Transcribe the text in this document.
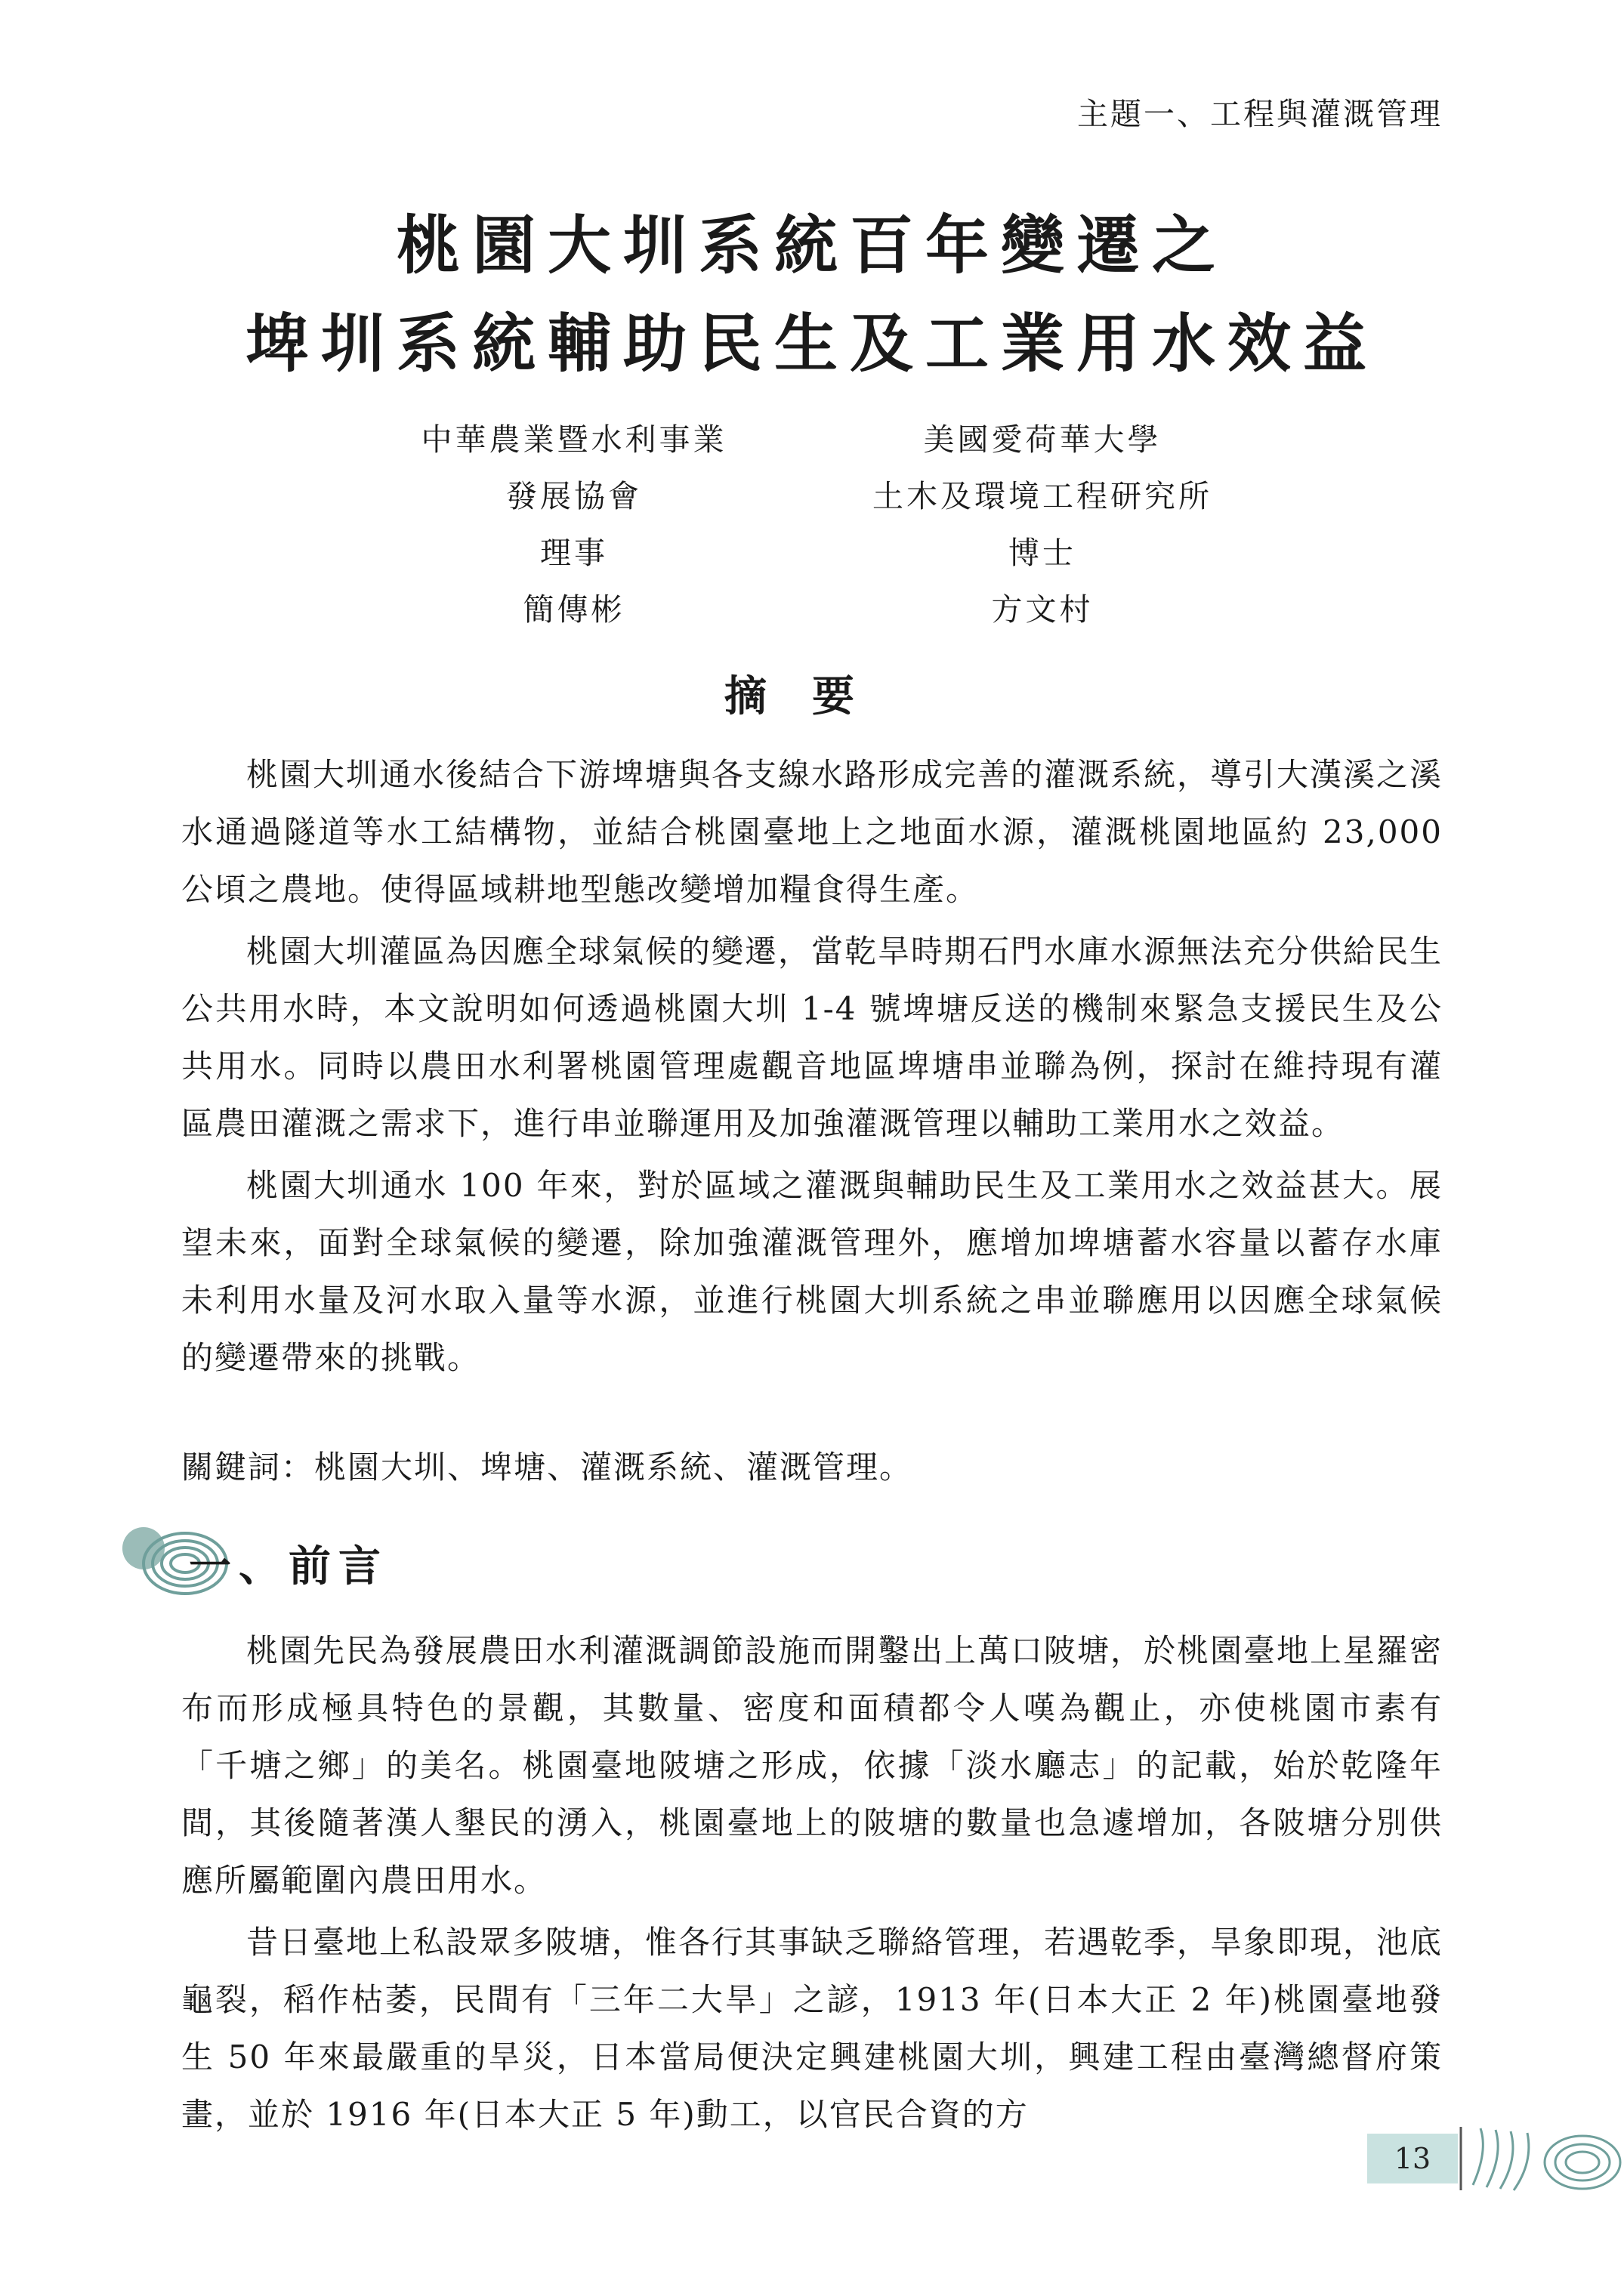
主題一、工程與灌溉管理
桃園大圳系統百年變遷之
埤圳系統輔助民生及工業用水效益
中華農業暨水利事業
發展協會
理事
簡傳彬
美國愛荷華大學
土木及環境工程研究所
博士
方文村
摘要

桃園大圳通水後結合下游埤塘與各支線水路形成完善的灌溉系統，導引大漢溪之溪水通過隧道等水工結構物，並結合桃園臺地上之地面水源，灌溉桃園地區約 23,000 公頃之農地。使得區域耕地型態改變增加糧食得生產。

桃園大圳灌區為因應全球氣候的變遷，當乾旱時期石門水庫水源無法充分供給民生公共用水時，本文說明如何透過桃園大圳 1-4 號埤塘反送的機制來緊急支援民生及公共用水。同時以農田水利署桃園管理處觀音地區埤塘串並聯為例，探討在維持現有灌區農田灌溉之需求下，進行串並聯運用及加強灌溉管理以輔助工業用水之效益。

桃園大圳通水 100 年來，對於區域之灌溉與輔助民生及工業用水之效益甚大。展望未來，面對全球氣候的變遷，除加強灌溉管理外，應增加埤塘蓄水容量以蓄存水庫未利用水量及河水取入量等水源，並進行桃園大圳系統之串並聯應用以因應全球氣候的變遷帶來的挑戰。

關鍵詞：桃園大圳、埤塘、灌溉系統、灌溉管理。
一、前言

桃園先民為發展農田水利灌溉調節設施而開鑿出上萬口陂塘，於桃園臺地上星羅密布而形成極具特色的景觀，其數量、密度和面積都令人嘆為觀止，亦使桃園市素有「千塘之鄉」的美名。桃園臺地陂塘之形成，依據「淡水廳志」的記載，始於乾隆年間，其後隨著漢人墾民的湧入，桃園臺地上的陂塘的數量也急遽增加，各陂塘分別供應所屬範圍內農田用水。

昔日臺地上私設眾多陂塘，惟各行其事缺乏聯絡管理，若遇乾季，旱象即現，池底龜裂，稻作枯萎，民間有「三年二大旱」之諺，1913 年(日本大正 2 年)桃園臺地發生 50 年來最嚴重的旱災，日本當局便決定興建桃園大圳，興建工程由臺灣總督府策畫，並於 1916 年(日本大正 5 年)動工，以官民合資的方

13
